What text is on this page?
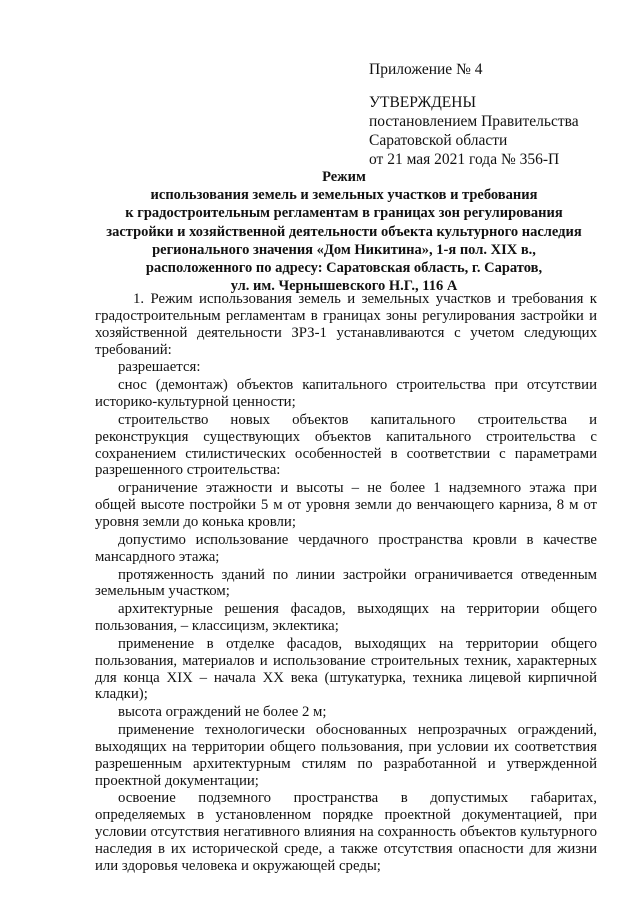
Приложение № 4
УТВЕРЖДЕНЫ
постановлением Правительства
Саратовской области
от 21 мая 2021 года № 356-П
Режим
использования земель и земельных участков и требования
к градостроительным регламентам в границах зон регулирования
застройки и хозяйственной деятельности объекта культурного наследия
регионального значения «Дом Никитина», 1-я пол. XIX в.,
расположенного по адресу: Саратовская область, г. Саратов,
ул. им. Чернышевского Н.Г., 116 А

1. Режим использования земель и земельных участков и требования к градостроительным регламентам в границах зоны регулирования застройки и хозяйственной деятельности ЗРЗ-1 устанавливаются с учетом следующих требований:

разрешается:

снос (демонтаж) объектов капитального строительства при отсутствии историко-культурной ценности;

строительство новых объектов капитального строительства и реконструкция существующих объектов капитального строительства с сохранением стилистических особенностей в соответствии с параметрами разрешенного строительства:

ограничение этажности и высоты – не более 1 надземного этажа при общей высоте постройки 5 м от уровня земли до венчающего карниза, 8 м от уровня земли до конька кровли;

допустимо использование чердачного пространства кровли в качестве мансардного этажа;

протяженность зданий по линии застройки ограничивается отведенным земельным участком;

архитектурные решения фасадов, выходящих на территории общего пользования, – классицизм, эклектика;

применение в отделке фасадов, выходящих на территории общего пользования, материалов и использование строительных техник, характерных для конца XIX – начала XX века (штукатурка, техника лицевой кирпичной кладки);

высота ограждений не более 2 м;

применение технологически обоснованных непрозрачных ограждений, выходящих на территории общего пользования, при условии их соответствия разрешенным архитектурным стилям по разработанной и утвержденной проектной документации;

освоение подземного пространства в допустимых габаритах, определяемых в установленном порядке проектной документацией, при условии отсутствия негативного влияния на сохранность объектов культурного наследия в их исторической среде, а также отсутствия опасности для жизни или здоровья человека и окружающей среды;
